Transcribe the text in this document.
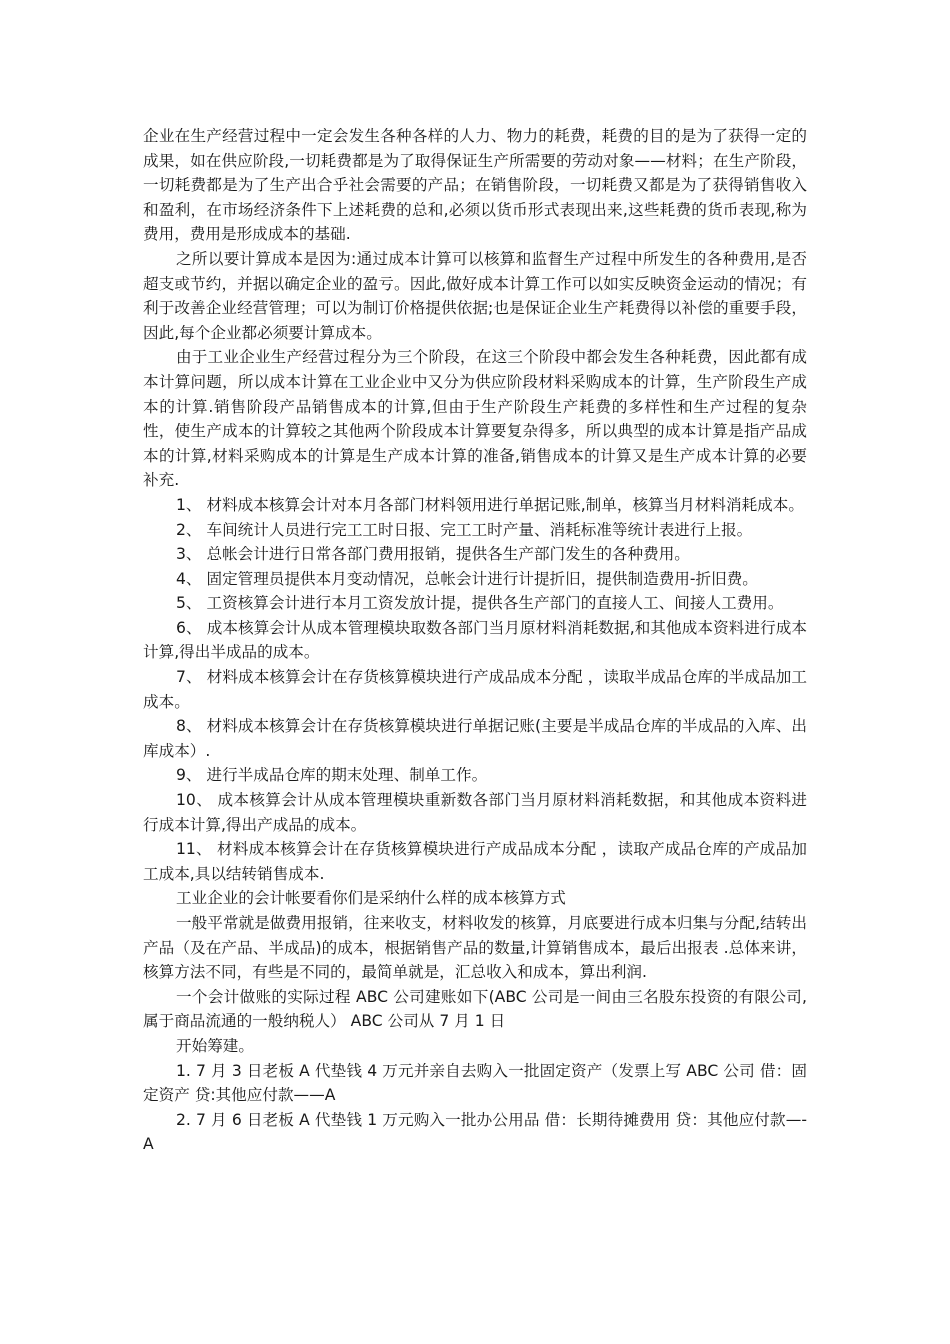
企业在生产经营过程中一定会发生各种各样的人力、物力的耗费，耗费的目的是为了获得一定的成果，如在供应阶段,一切耗费都是为了取得保证生产所需要的劳动对象——材料；在生产阶段，一切耗费都是为了生产出合乎社会需要的产品；在销售阶段，一切耗费又都是为了获得销售收入和盈利，在市场经济条件下上述耗费的总和,必须以货币形式表现出来,这些耗费的货币表现,称为费用，费用是形成成本的基础.

之所以要计算成本是因为:通过成本计算可以核算和监督生产过程中所发生的各种费用,是否超支或节约，并据以确定企业的盈亏。因此,做好成本计算工作可以如实反映资金运动的情况；有利于改善企业经营管理；可以为制订价格提供依据;也是保证企业生产耗费得以补偿的重要手段，因此,每个企业都必须要计算成本。

由于工业企业生产经营过程分为三个阶段，在这三个阶段中都会发生各种耗费，因此都有成本计算问题，所以成本计算在工业企业中又分为供应阶段材料采购成本的计算，生产阶段生产成本的计算.销售阶段产品销售成本的计算,但由于生产阶段生产耗费的多样性和生产过程的复杂性，使生产成本的计算较之其他两个阶段成本计算要复杂得多，所以典型的成本计算是指产品成本的计算,材料采购成本的计算是生产成本计算的准备,销售成本的计算又是生产成本计算的必要补充.

1、 材料成本核算会计对本月各部门材料领用进行单据记账,制单，核算当月材料消耗成本。

2、 车间统计人员进行完工工时日报、完工工时产量、消耗标准等统计表进行上报。

3、 总帐会计进行日常各部门费用报销，提供各生产部门发生的各种费用。

4、 固定管理员提供本月变动情况，总帐会计进行计提折旧，提供制造费用-折旧费。

5、 工资核算会计进行本月工资发放计提，提供各生产部门的直接人工、间接人工费用。

6、 成本核算会计从成本管理模块取数各部门当月原材料消耗数据,和其他成本资料进行成本计算,得出半成品的成本。

7、 材料成本核算会计在存货核算模块进行产成品成本分配 ，读取半成品仓库的半成品加工成本。

8、 材料成本核算会计在存货核算模块进行单据记账(主要是半成品仓库的半成品的入库、出库成本）.

9、 进行半成品仓库的期末处理、制单工作。

10、 成本核算会计从成本管理模块重新数各部门当月原材料消耗数据，和其他成本资料进行成本计算,得出产成品的成本。

11、 材料成本核算会计在存货核算模块进行产成品成本分配 ，读取产成品仓库的产成品加工成本,具以结转销售成本.

工业企业的会计帐要看你们是采纳什么样的成本核算方式

一般平常就是做费用报销，往来收支，材料收发的核算，月底要进行成本归集与分配,结转出产品（及在产品、半成品)的成本，根据销售产品的数量,计算销售成本，最后出报表 .总体来讲，核算方法不同，有些是不同的，最简单就是，汇总收入和成本，算出利润.

一个会计做账的实际过程 ABC 公司建账如下(ABC 公司是一间由三名股东投资的有限公司, 属于商品流通的一般纳税人） ABC 公司从 7 月 1 日

开始筹建。

1. 7 月 3 日老板 A 代垫钱 4 万元并亲自去购入一批固定资产（发票上写 ABC 公司 借：固定资产 贷:其他应付款——A

2. 7 月 6 日老板 A 代垫钱 1 万元购入一批办公用品 借：长期待摊费用 贷：其他应付款—-A
